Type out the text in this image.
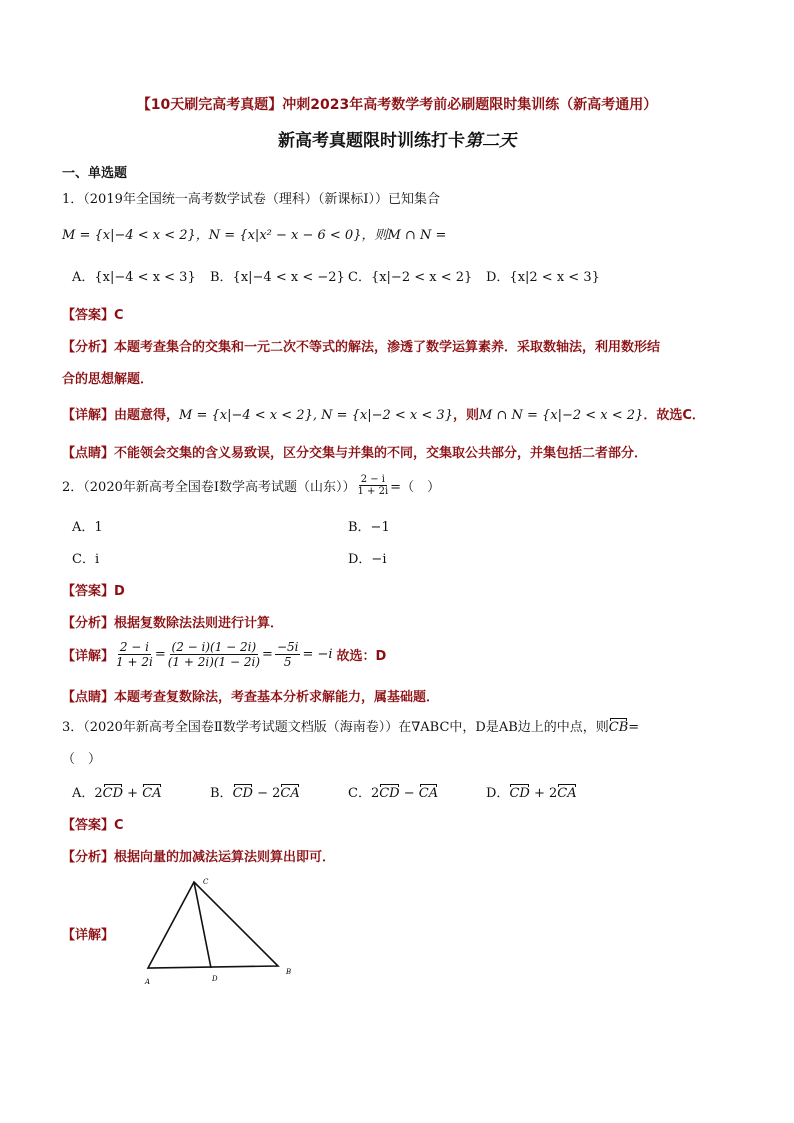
【10天刷完高考真题】冲刺2023年高考数学考前必刷题限时集训练（新高考通用）
新高考真题限时训练打卡第二天
一、单选题
1．（2019年全国统一高考数学试卷（理科）（新课标Ⅰ））已知集合
M = {x|−4 < x < 2}，N = {x|x² − x − 6 < 0}，则M ∩ N =
A．{x|−4 < x < 3} B．{x|−4 < x < −2} C．{x|−2 < x < 2} D．{x|2 < x < 3}
【答案】C
【分析】本题考查集合的交集和一元二次不等式的解法，渗透了数学运算素养．采取数轴法，利用数形结
合的思想解题．
【详解】由题意得，M = {x|−4 < x < 2}, N = {x|−2 < x < 3}，则M ∩ N = {x|−2 < x < 2}．故选C．
【点睛】不能领会交集的含义易致误，区分交集与并集的不同，交集取公共部分，并集包括二者部分．
2．（2020年新高考全国卷Ⅰ数学高考试题（山东）） $\frac{2 - i}{1 + 2i}$ =（　）
A．1	B．−1
C．i	D．−i
【答案】D
【分析】根据复数除法法则进行计算．
【详解】 $\frac{2 - i}{1 + 2i} = \frac{(2 - i)(1 - 2i)}{(1 + 2i)(1 - 2i)} = \frac{-5i}{5} = -i$ 故选：D
【点睛】本题考查复数除法，考查基本分析求解能力，属基础题．
3．（2020年新高考全国卷Ⅱ数学考试题文档版（海南卷））在∇ABC中，D是AB边上的中点，则CB=
（　）
A．2CD + CA	B．CD − 2CA	C．2CD − CA	D．CD + 2CA
【答案】C
【分析】根据向量的加减法运算法则算出即可．
【详解】
C
A	D
B
